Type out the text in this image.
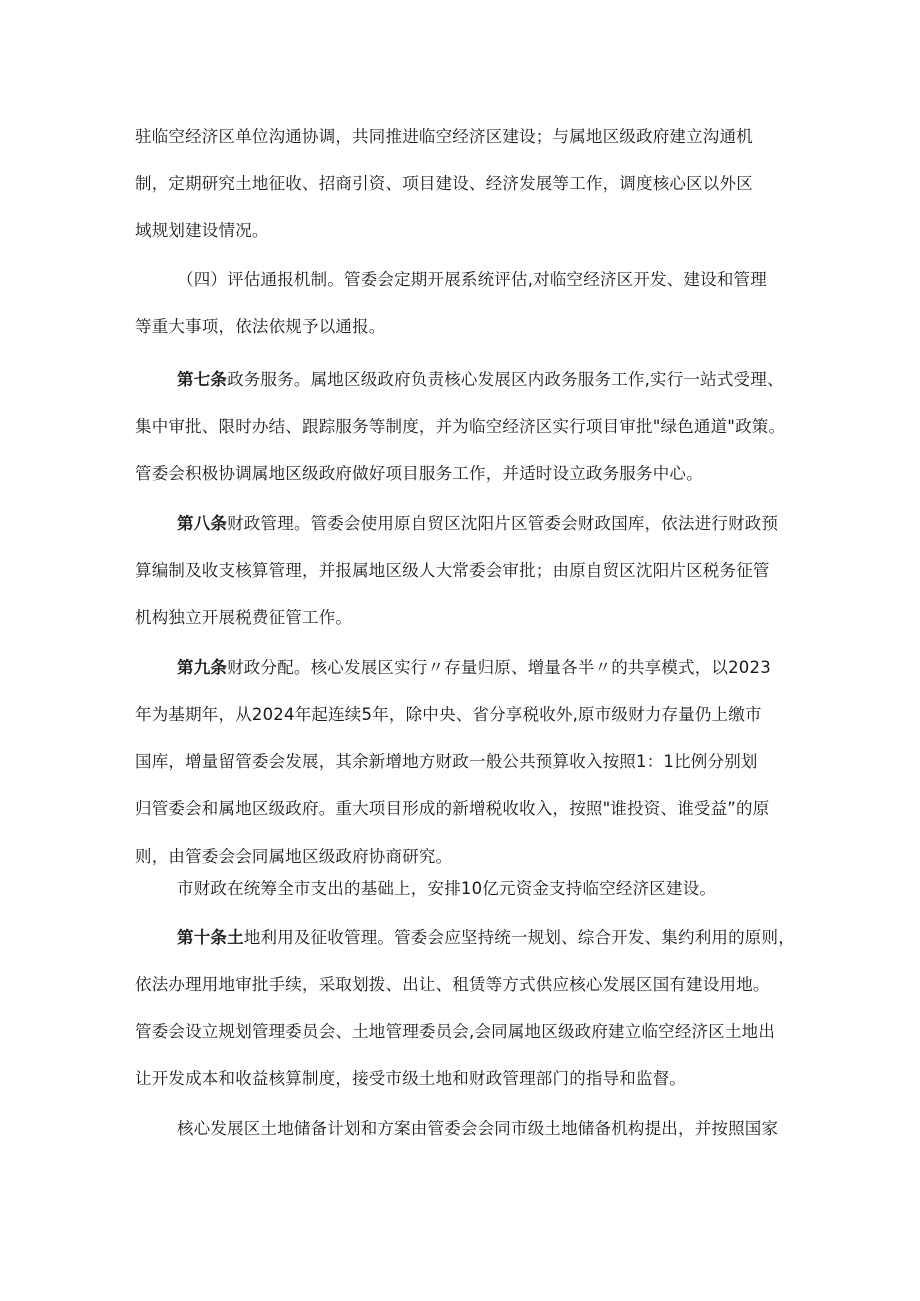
驻临空经济区单位沟通协调，共同推进临空经济区建设；与属地区级政府建立沟通机

制，定期研究土地征收、招商引资、项目建设、经济发展等工作，调度核心区以外区

域规划建设情况。

（四）评估通报机制。管委会定期开展系统评估,对临空经济区开发、建设和管理

等重大事项，依法依规予以通报。

第七条政务服务。属地区级政府负责核心发展区内政务服务工作,实行一站式受理、

集中审批、限时办结、跟踪服务等制度，并为临空经济区实行项目审批"绿色通道"政策。

管委会积极协调属地区级政府做好项目服务工作，并适时设立政务服务中心。

第八条财政管理。管委会使用原自贸区沈阳片区管委会财政国库，依法进行财政预

算编制及收支核算管理，并报属地区级人大常委会审批；由原自贸区沈阳片区税务征管

机构独立开展税费征管工作。

第九条财政分配。核心发展区实行〃存量归原、增量各半〃的共享模式，以2023

年为基期年，从2024年起连续5年，除中央、省分享税收外,原市级财力存量仍上缴市

国库，增量留管委会发展，其余新增地方财政一般公共预算收入按照1：1比例分别划

归管委会和属地区级政府。重大项目形成的新增税收收入，按照"谁投资、谁受益”的原

则，由管委会会同属地区级政府协商研究。

市财政在统筹全市支出的基础上，安排10亿元资金支持临空经济区建设。

第十条土地利用及征收管理。管委会应坚持统一规划、综合开发、集约利用的原则，

依法办理用地审批手续，采取划拨、出让、租赁等方式供应核心发展区国有建设用地。

管委会设立规划管理委员会、土地管理委员会,会同属地区级政府建立临空经济区土地出

让开发成本和收益核算制度，接受市级土地和财政管理部门的指导和监督。

核心发展区土地储备计划和方案由管委会会同市级土地储备机构提出，并按照国家
